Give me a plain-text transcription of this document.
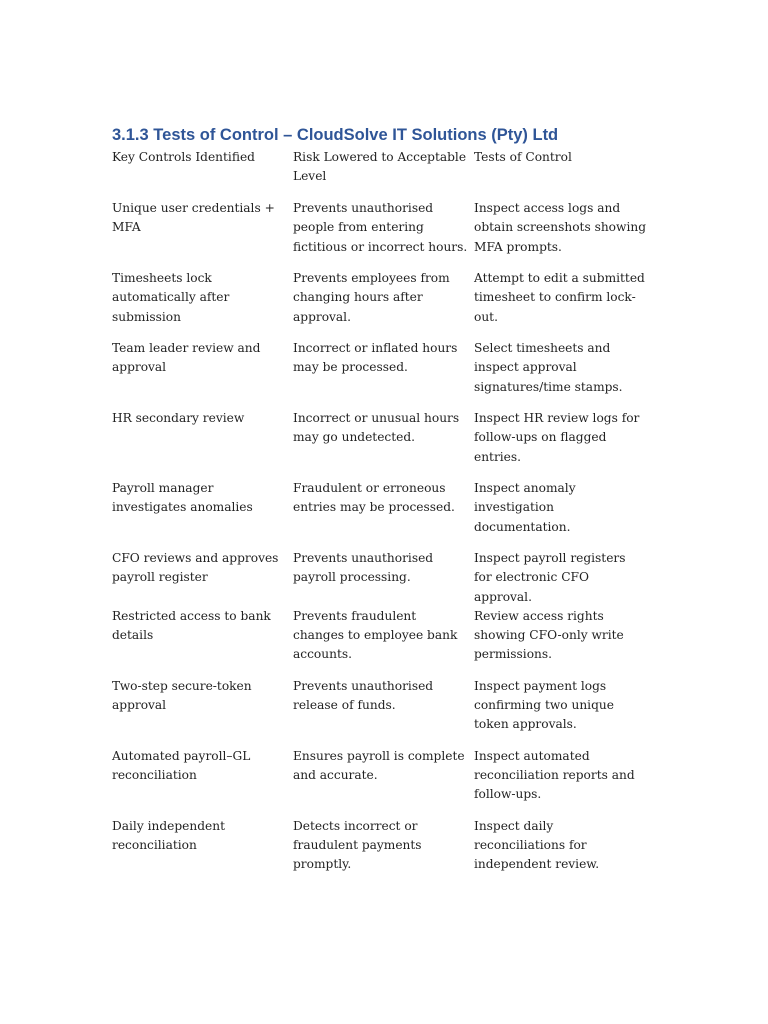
3.1.3 Tests of Control – CloudSolve IT Solutions (Pty) Ltd
Key Controls Identified	Risk Lowered to Acceptable Level	Tests of Control
Unique user credentials + MFA	Prevents unauthorised people from entering fictitious or incorrect hours.	Inspect access logs and obtain screenshots showing MFA prompts.
Timesheets lock automatically after submission	Prevents employees from changing hours after approval.	Attempt to edit a submitted timesheet to confirm lock-out.
Team leader review and approval	Incorrect or inflated hours may be processed.	Select timesheets and inspect approval signatures/time stamps.
HR secondary review	Incorrect or unusual hours may go undetected.	Inspect HR review logs for follow-ups on flagged entries.
Payroll manager investigates anomalies	Fraudulent or erroneous entries may be processed.	Inspect anomaly investigation documentation.
CFO reviews and approves payroll register	Prevents unauthorised payroll processing.	Inspect payroll registers for electronic CFO approval.
Restricted access to bank details	Prevents fraudulent changes to employee bank accounts.	Review access rights showing CFO-only write permissions.
Two-step secure-token approval	Prevents unauthorised release of funds.	Inspect payment logs confirming two unique token approvals.
Automated payroll–GL reconciliation	Ensures payroll is complete and accurate.	Inspect automated reconciliation reports and follow-ups.
Daily independent reconciliation	Detects incorrect or fraudulent payments promptly.	Inspect daily reconciliations for independent review.
